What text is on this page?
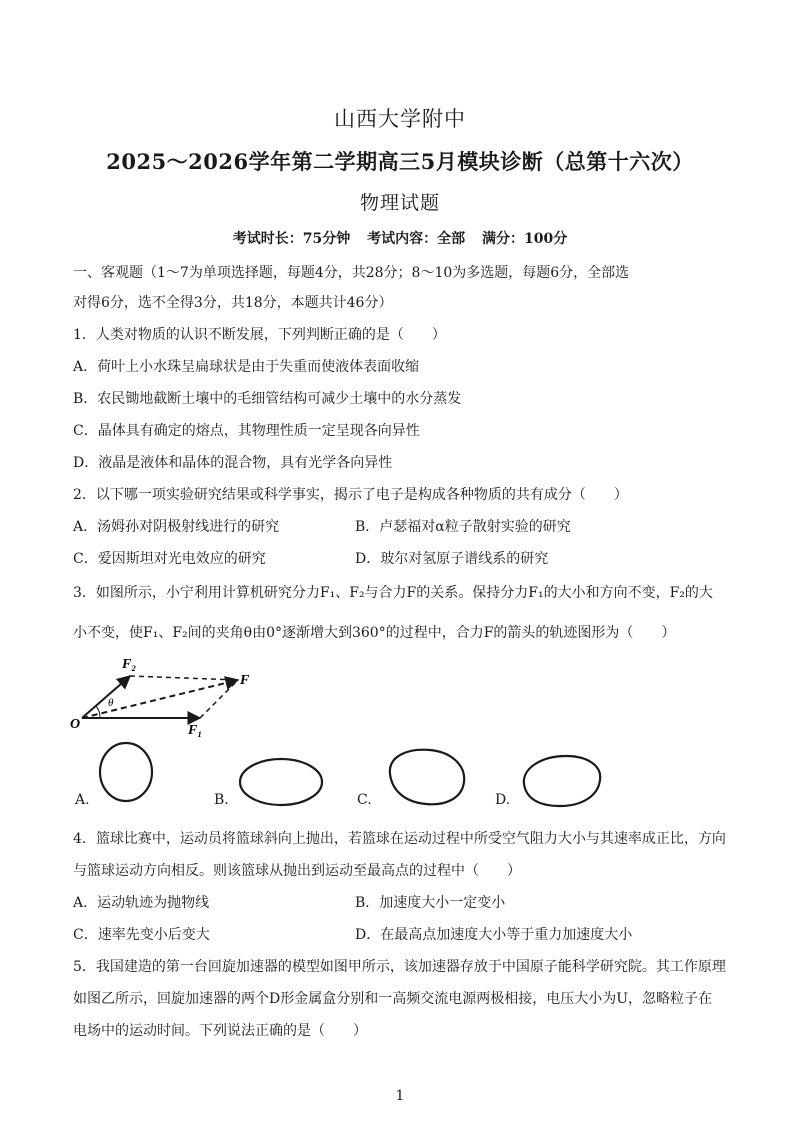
山西大学附中
2025～2026学年第二学期高三5月模块诊断（总第十六次）
物理试题
考试时长：75分钟 考试内容：全部 满分：100分
一、客观题（1～7为单项选择题，每题4分，共28分；8～10为多选题，每题6分，全部选
对得6分，选不全得3分，共18分，本题共计46分）
1．人类对物质的认识不断发展，下列判断正确的是（　　）
A．荷叶上小水珠呈扁球状是由于失重而使液体表面收缩
B．农民锄地截断土壤中的毛细管结构可减少土壤中的水分蒸发
C．晶体具有确定的熔点，其物理性质一定呈现各向异性
D．液晶是液体和晶体的混合物，具有光学各向异性
2．以下哪一项实验研究结果或科学事实，揭示了电子是构成各种物质的共有成分（　　）
A．汤姆孙对阴极射线进行的研究	B．卢瑟福对α粒子散射实验的研究
C．爱因斯坦对光电效应的研究	D．玻尔对氢原子谱线系的研究
3．如图所示，小宁利用计算机研究分力F₁、F₂与合力F的关系。保持分力F₁的大小和方向不变，F₂的大
小不变，使F₁、F₂间的夹角θ由0°逐渐增大到360°的过程中，合力F的箭头的轨迹图形为（　　）
F₂
F
O	F₁
θ
A.	B.	C.	D.
4．篮球比赛中，运动员将篮球斜向上抛出，若篮球在运动过程中所受空气阻力大小与其速率成正比，方向
与篮球运动方向相反。则该篮球从抛出到运动至最高点的过程中（　　）
A．运动轨迹为抛物线	B．加速度大小一定变小
C．速率先变小后变大	D．在最高点加速度大小等于重力加速度大小
5．我国建造的第一台回旋加速器的模型如图甲所示，该加速器存放于中国原子能科学研究院。其工作原理
如图乙所示，回旋加速器的两个D形金属盒分别和一高频交流电源两极相接，电压大小为U，忽略粒子在
电场中的运动时间。下列说法正确的是（　　）
1
